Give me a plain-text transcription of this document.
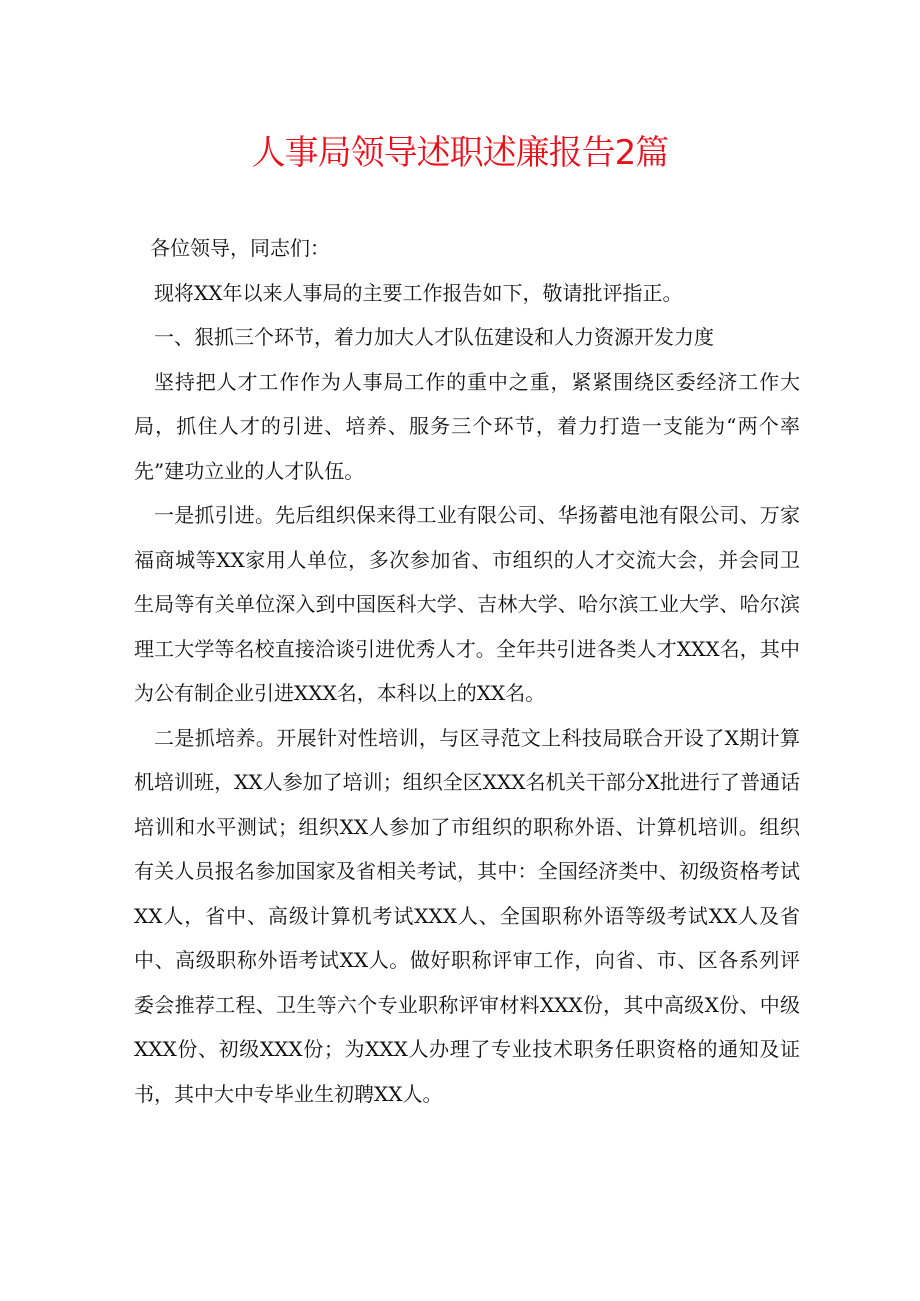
人事局领导述职述廉报告2篇

各位领导，同志们：

现将XX年以来人事局的主要工作报告如下，敬请批评指正。

一、狠抓三个环节，着力加大人才队伍建设和人力资源开发力度

坚持把人才工作作为人事局工作的重中之重，紧紧围绕区委经济工作大局，抓住人才的引进、培养、服务三个环节，着力打造一支能为“两个率先”建功立业的人才队伍。

一是抓引进。先后组织保来得工业有限公司、华扬蓄电池有限公司、万家福商城等XX家用人单位，多次参加省、市组织的人才交流大会，并会同卫生局等有关单位深入到中国医科大学、吉林大学、哈尔滨工业大学、哈尔滨理工大学等名校直接洽谈引进优秀人才。全年共引进各类人才XXX名，其中为公有制企业引进XXX名，本科以上的XX名。

二是抓培养。开展针对性培训，与区寻范文上科技局联合开设了X期计算机培训班，XX人参加了培训；组织全区XXX名机关干部分X批进行了普通话培训和水平测试；组织XX人参加了市组织的职称外语、计算机培训。组织有关人员报名参加国家及省相关考试，其中：全国经济类中、初级资格考试XX人，省中、高级计算机考试XXX人、全国职称外语等级考试XX人及省中、高级职称外语考试XX人。做好职称评审工作，向省、市、区各系列评委会推荐工程、卫生等六个专业职称评审材料XXX份，其中高级X份、中级XXX份、初级XXX份；为XXX人办理了专业技术职务任职资格的通知及证书，其中大中专毕业生初聘XX人。
